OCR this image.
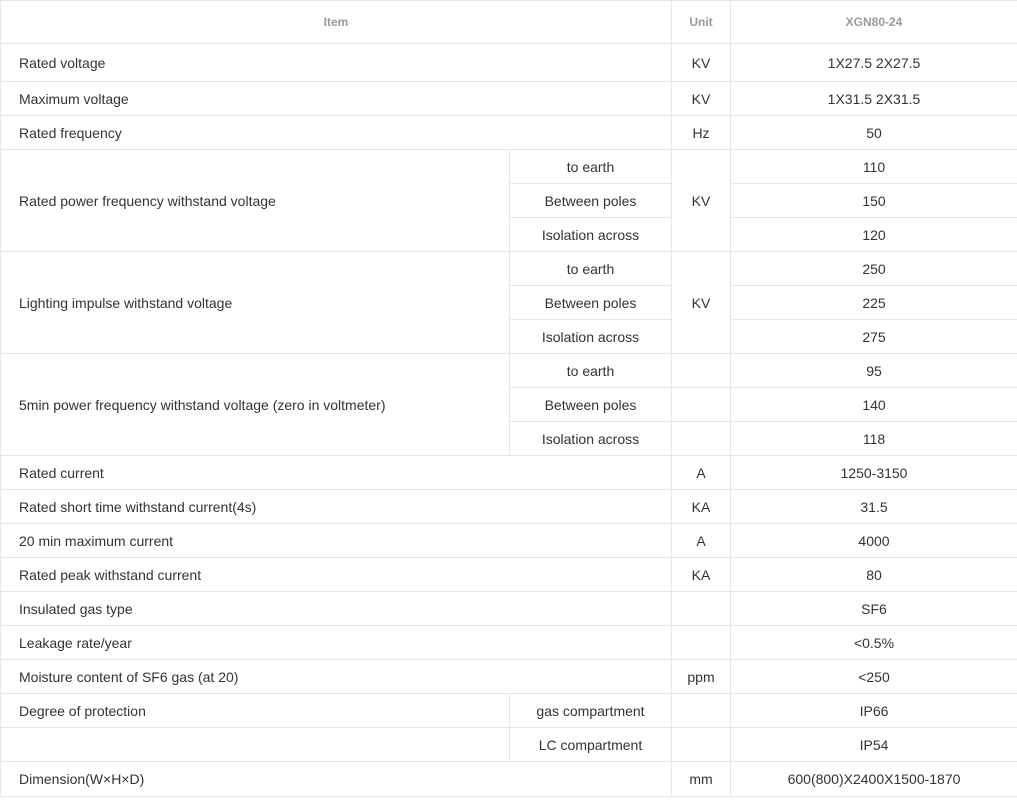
Item		Unit	XGN80-24
Rated voltage		KV	1X27.5 2X27.5
Maximum voltage		KV	1X31.5 2X31.5
Rated frequency		Hz	50
Rated power frequency withstand voltage	to earth	KV	110
	Between poles		150
	Isolation across		120
Lighting impulse withstand voltage	to earth	KV	250
	Between poles		225
	Isolation across		275
5min power frequency withstand voltage (zero in voltmeter)	to earth		95
	Between poles		140
	Isolation across		118
Rated current		A	1250-3150
Rated short time withstand current(4s)		KA	31.5
20 min maximum current		A	4000
Rated peak withstand current		KA	80
Insulated gas type			SF6
Leakage rate/year			<0.5%
Moisture content of SF6 gas (at 20)		ppm	<250
Degree of protection	gas compartment		IP66
	LC compartment		IP54
Dimension(W×H×D)		mm	600(800)X2400X1500-1870
